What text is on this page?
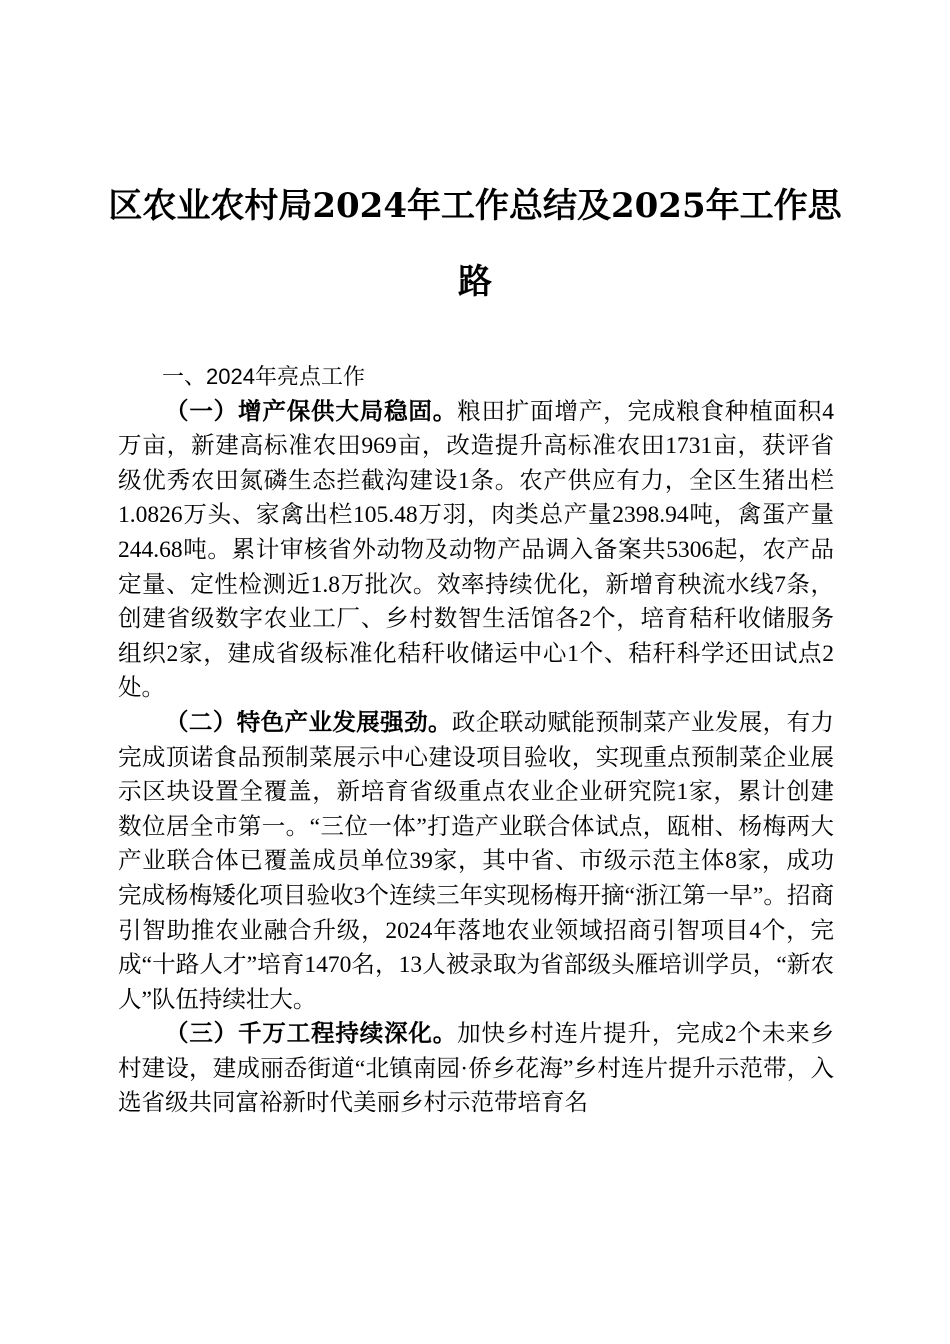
区农业农村局2024年工作总结及2025年工作思路

一、2024年亮点工作

（一）增产保供大局稳固。粮田扩面增产，完成粮食种植面积4万亩，新建高标准农田969亩，改造提升高标准农田1731亩，获评省级优秀农田氮磷生态拦截沟建设1条。农产供应有力，全区生猪出栏1.0826万头、家禽出栏105.48万羽，肉类总产量2398.94吨，禽蛋产量244.68吨。累计审核省外动物及动物产品调入备案共5306起，农产品定量、定性检测近1.8万批次。效率持续优化，新增育秧流水线7条，创建省级数字农业工厂、乡村数智生活馆各2个，培育秸秆收储服务组织2家，建成省级标准化秸秆收储运中心1个、秸秆科学还田试点2处。

（二）特色产业发展强劲。政企联动赋能预制菜产业发展，有力完成顶诺食品预制菜展示中心建设项目验收，实现重点预制菜企业展示区块设置全覆盖，新培育省级重点农业企业研究院1家，累计创建数位居全市第一。“三位一体”打造产业联合体试点，瓯柑、杨梅两大产业联合体已覆盖成员单位39家，其中省、市级示范主体8家，成功完成杨梅矮化项目验收3个连续三年实现杨梅开摘“浙江第一早”。招商引智助推农业融合升级，2024年落地农业领域招商引智项目4个，完成“十路人才”培育1470名，13人被录取为省部级头雁培训学员，“新农人”队伍持续壮大。

（三）千万工程持续深化。加快乡村连片提升，完成2个未来乡村建设，建成丽岙街道“北镇南园·侨乡花海”乡村连片提升示范带，入选省级共同富裕新时代美丽乡村示范带培育名
